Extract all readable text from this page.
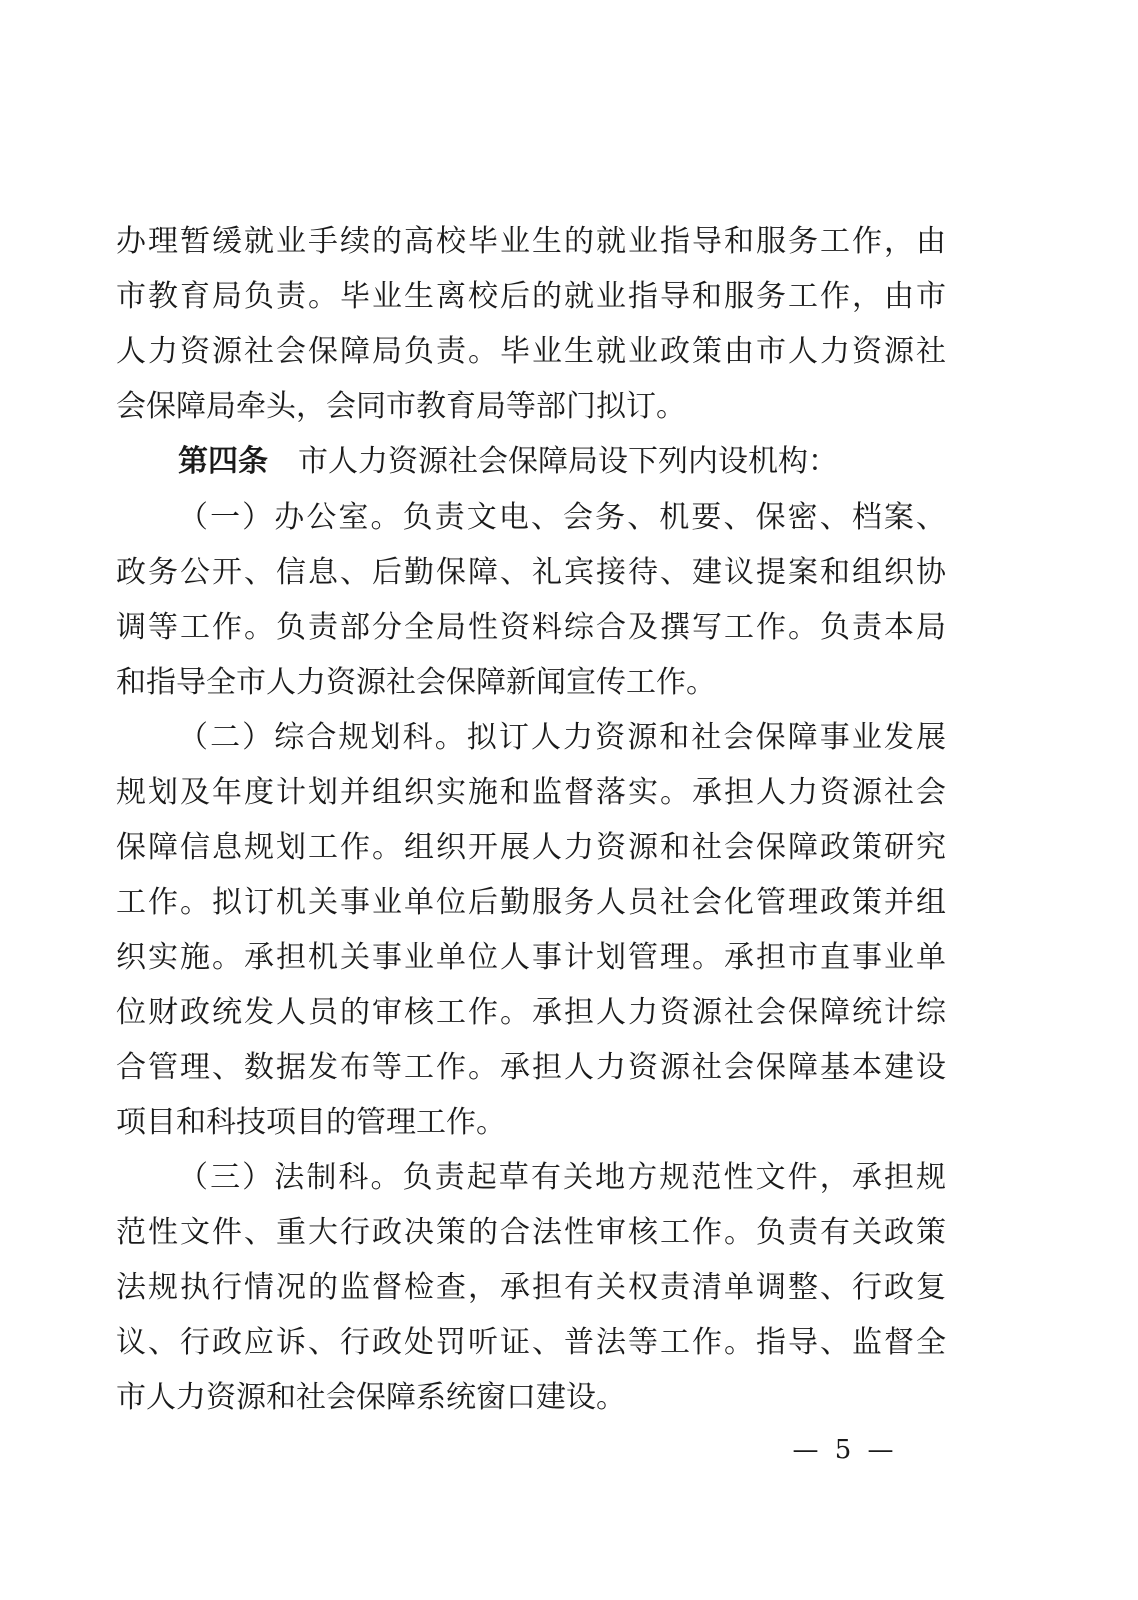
办理暂缓就业手续的高校毕业生的就业指导和服务工作，由
市教育局负责。毕业生离校后的就业指导和服务工作，由市
人力资源社会保障局负责。毕业生就业政策由市人力资源社
会保障局牵头，会同市教育局等部门拟订。
第四条 市人力资源社会保障局设下列内设机构：
（一）办公室。负责文电、会务、机要、保密、档案、
政务公开、信息、后勤保障、礼宾接待、建议提案和组织协
调等工作。负责部分全局性资料综合及撰写工作。负责本局
和指导全市人力资源社会保障新闻宣传工作。
（二）综合规划科。拟订人力资源和社会保障事业发展
规划及年度计划并组织实施和监督落实。承担人力资源社会
保障信息规划工作。组织开展人力资源和社会保障政策研究
工作。拟订机关事业单位后勤服务人员社会化管理政策并组
织实施。承担机关事业单位人事计划管理。承担市直事业单
位财政统发人员的审核工作。承担人力资源社会保障统计综
合管理、数据发布等工作。承担人力资源社会保障基本建设
项目和科技项目的管理工作。
（三）法制科。负责起草有关地方规范性文件，承担规
范性文件、重大行政决策的合法性审核工作。负责有关政策
法规执行情况的监督检查，承担有关权责清单调整、行政复
议、行政应诉、行政处罚听证、普法等工作。指导、监督全
市人力资源和社会保障系统窗口建设。
— 5 —
